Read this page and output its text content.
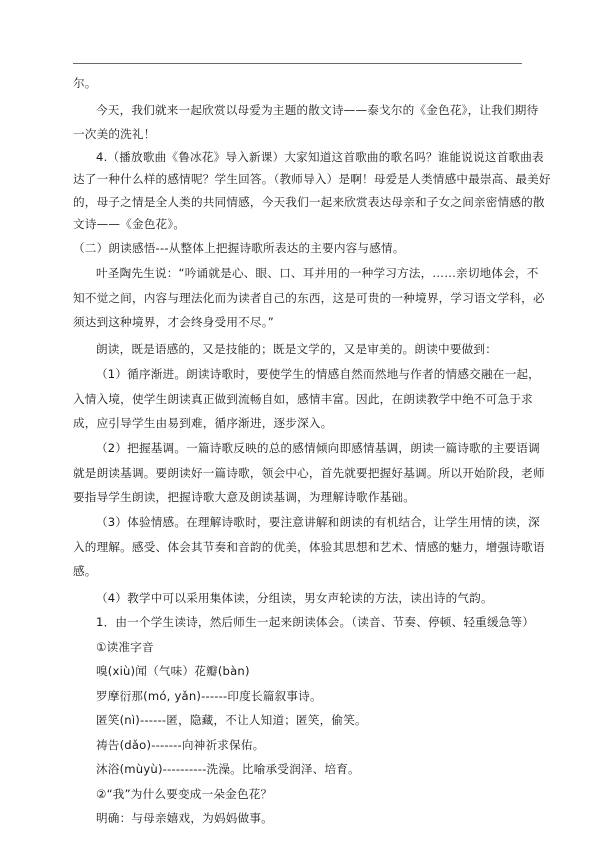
尔。
今天，我们就来一起欣赏以母爱为主题的散文诗——泰戈尔的《金色花》，让我们期待
一次美的洗礼！
4.（播放歌曲《鲁冰花》导入新课）大家知道这首歌曲的歌名吗？谁能说说这首歌曲表
达了一种什么样的感情呢？学生回答。（教师导入）是啊！母爱是人类情感中最崇高、最美好
的，母子之情是全人类的共同情感，今天我们一起来欣赏表达母亲和子女之间亲密情感的散
文诗——《金色花》。
（二）朗读感悟---从整体上把握诗歌所表达的主要内容与感情。
叶圣陶先生说：“吟诵就是心、眼、口、耳并用的一种学习方法，……亲切地体会，不
知不觉之间，内容与理法化而为读者自己的东西，这是可贵的一种境界，学习语文学科，必
须达到这种境界，才会终身受用不尽。”
朗读，既是语感的，又是技能的；既是文学的，又是审美的。朗读中要做到：
（1）循序渐进。朗读诗歌时，要使学生的情感自然而然地与作者的情感交融在一起，
入情入境，使学生朗读真正做到流畅自如，感情丰富。因此，在朗读教学中绝不可急于求
成，应引导学生由易到难，循序渐进，逐步深入。
（2）把握基调。一篇诗歌反映的总的感情倾向即感情基调，朗读一篇诗歌的主要语调
就是朗读基调。要朗读好一篇诗歌，领会中心，首先就要把握好基调。所以开始阶段，老师
要指导学生朗读，把握诗歌大意及朗读基调，为理解诗歌作基础。
（3）体验情感。在理解诗歌时，要注意讲解和朗读的有机结合，让学生用情的读，深
入的理解。感受、体会其节奏和音韵的优美，体验其思想和艺术、情感的魅力，增强诗歌语
感。
（4）教学中可以采用集体读，分组读，男女声轮读的方法，读出诗的气韵。
1．由一个学生读诗，然后师生一起来朗读体会。（读音、节奏、停顿、轻重缓急等）
①读准字音
嗅(xiù)闻（气味）花瓣(bàn)
罗摩衍那(mó, yǎn)------印度长篇叙事诗。
匿笑(nì)------匿，隐藏，不让人知道；匿笑，偷笑。
祷告(dǎo)-------向神祈求保佑。
沐浴(mùyù)----------洗澡。比喻承受润泽、培育。
②“我”为什么要变成一朵金色花？
明确：与母亲嬉戏，为妈妈做事。
